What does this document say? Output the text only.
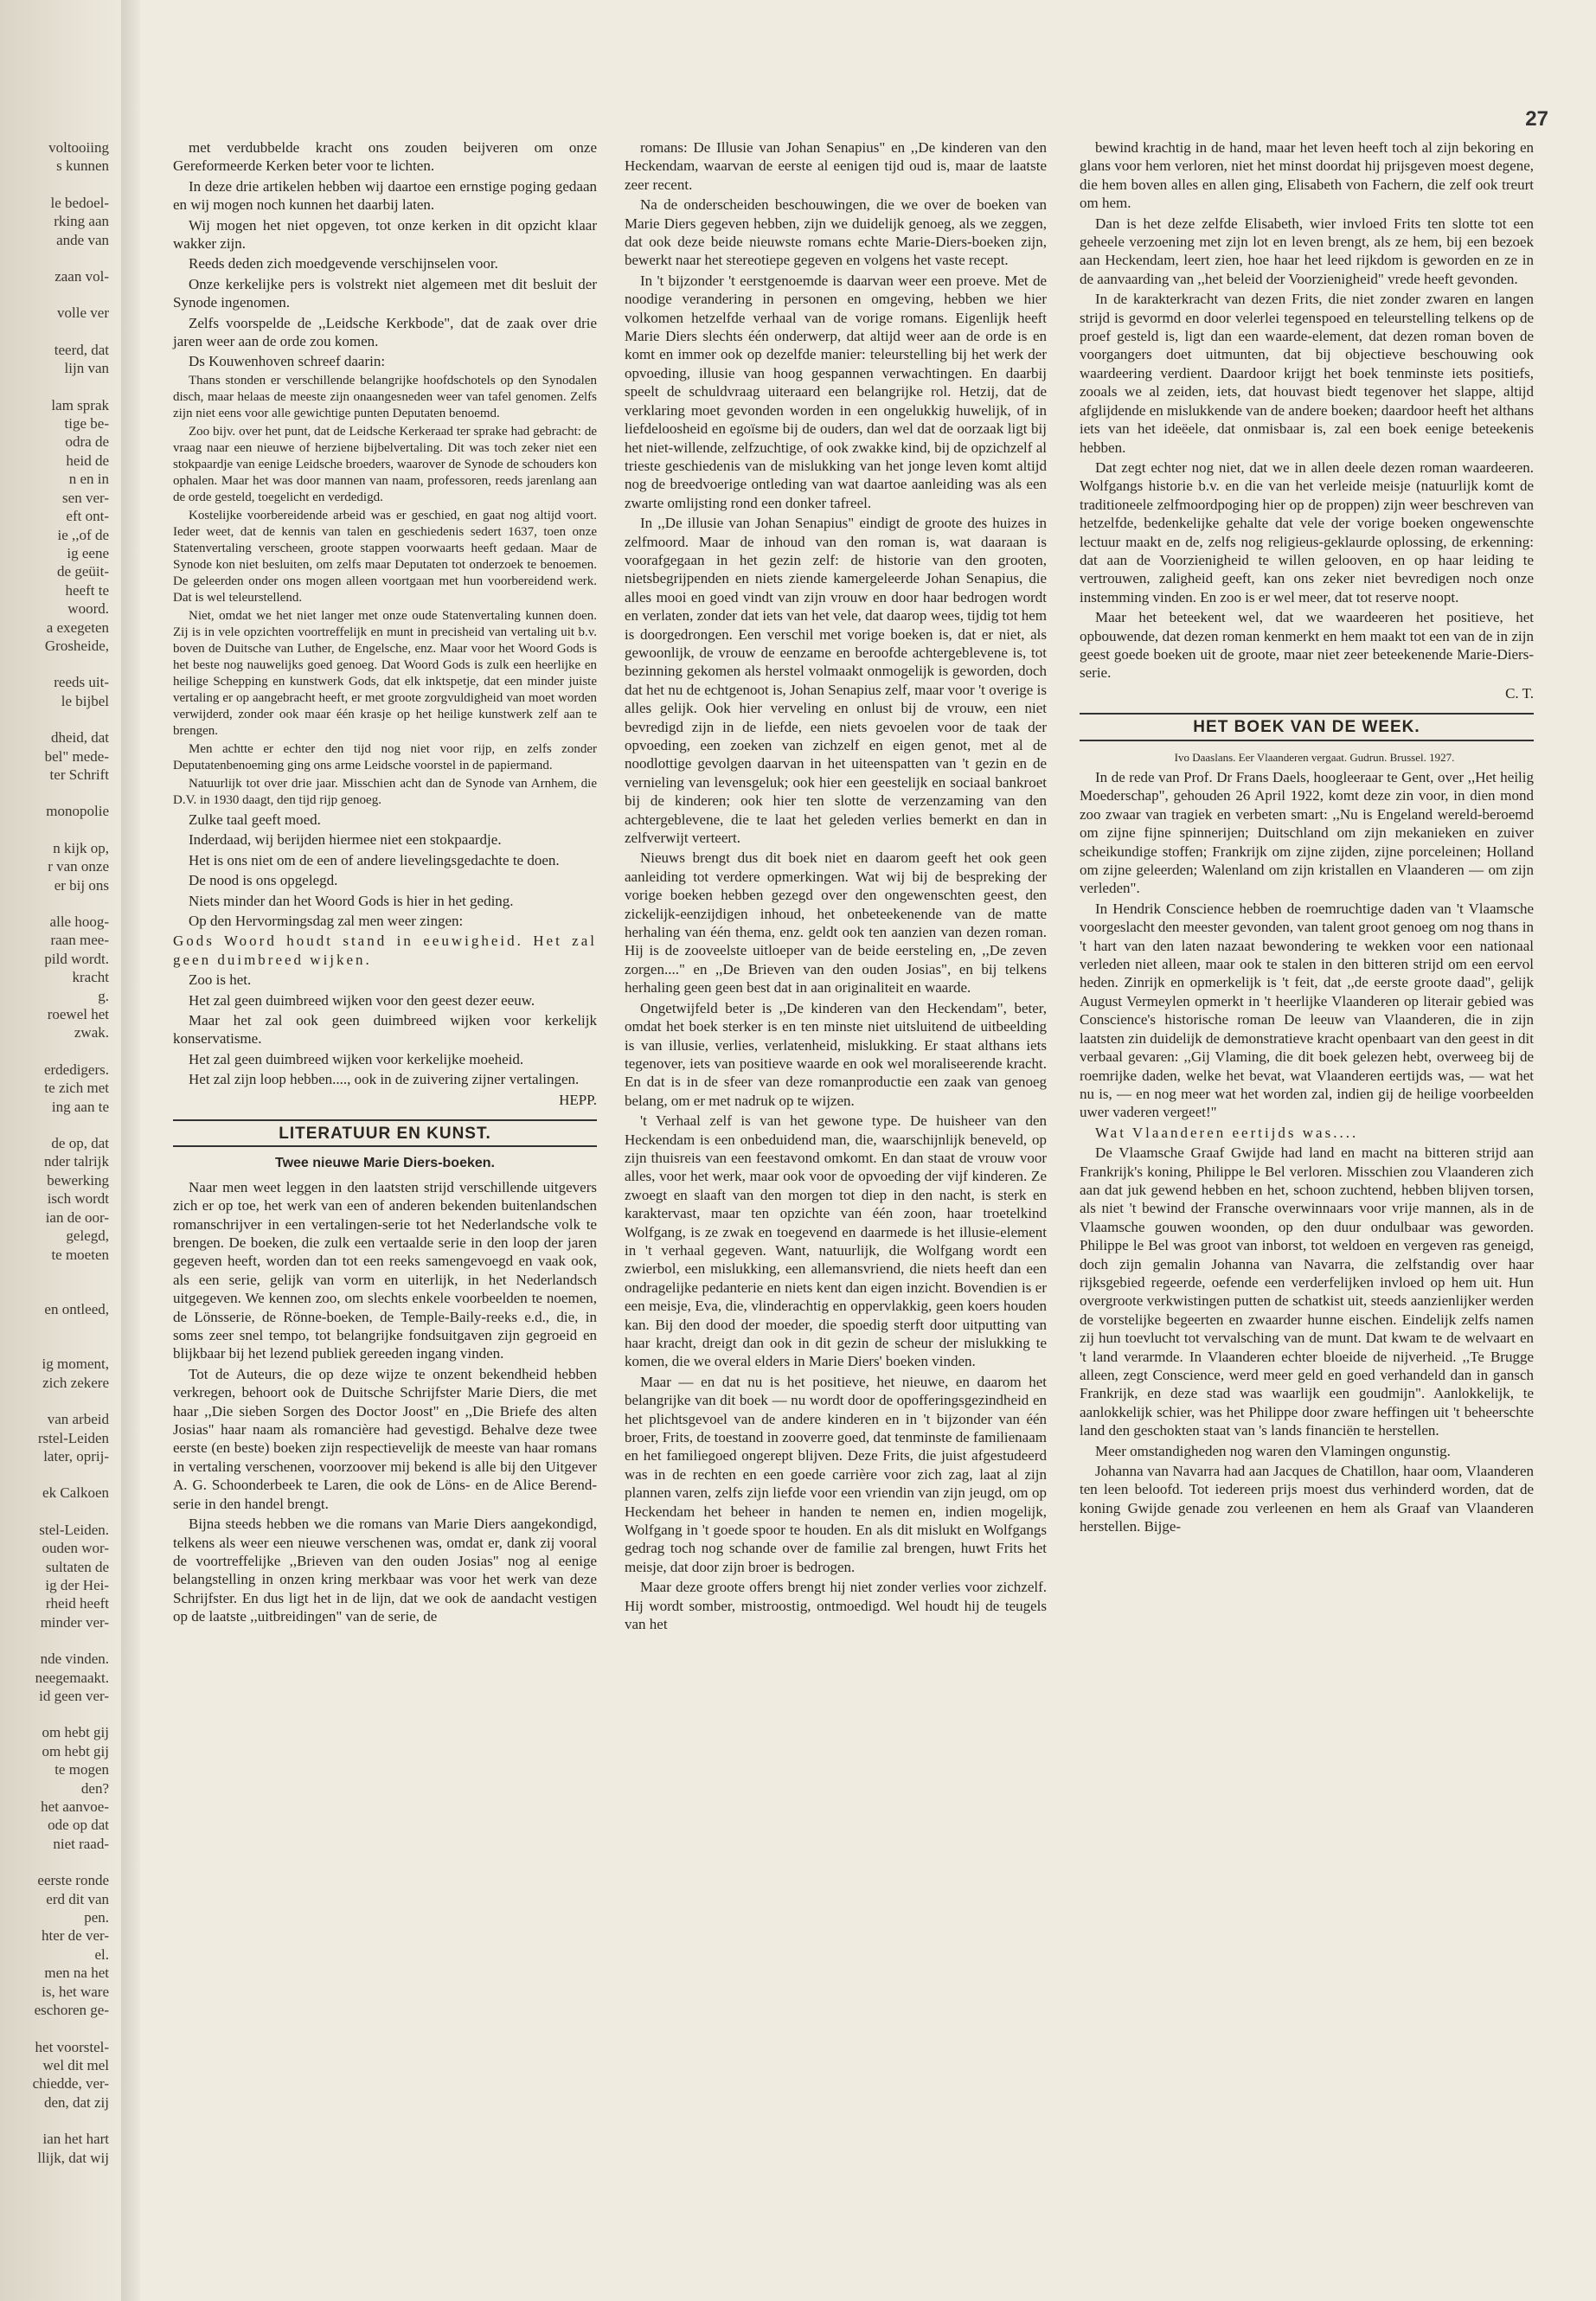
27
voltooiing
s kunnen
le bedoel-
rking aan
ande van
zaan vol-
volle ver
teerd, dat
lijn van
lam sprak
tige be-
odra de
heid de
n en in
sen ver-
eft ont-
ie ,,of de
ig eene
de geüit-
heeft te
woord.
a exegeten
Grosheide,
reeds uit-
le bijbel
dheid, dat
bel" mede-
ter Schrift
monopolie
n kijk op,
r van onze
er bij ons
alle hoog-
raan mee-
pild wordt.
kracht
g.
roewel het
zwak.
erdedigers.
te zich met
ing aan te
de op, dat
nder talrijk
bewerking
isch wordt
ian de oor-
gelegd,
te moeten
en ontleed,
ig moment,
zich zekere
van arbeid
rstel-Leiden
later, oprij-
ek Calkoen
stel-Leiden.
ouden wor-
sultaten de
ig der Hei-
rheid heeft
minder ver-
nde vinden.
neegemaakt.
id geen ver-
om hebt gij
om hebt gij
te mogen
den?
het aanvoe-
ode op dat
niet raad-
eerste ronde
erd dit van
pen.
hter de ver-
el.
men na het
is, het ware
eschoren ge-
het voorstel-
wel dit mel
chiedde, ver-
den, dat zij
ian het hart
llijk, dat wij

met verdubbelde kracht ons zouden beijveren om onze Gereformeerde Kerken beter voor te lichten.

In deze drie artikelen hebben wij daartoe een ernstige poging gedaan en wij mogen noch kunnen het daarbij laten.

Wij mogen het niet opgeven, tot onze kerken in dit opzicht klaar wakker zijn.

Reeds deden zich moedgevende verschijnselen voor.

Onze kerkelijke pers is volstrekt niet algemeen met dit besluit der Synode ingenomen.

Zelfs voorspelde de ,,Leidsche Kerkbode", dat de zaak over drie jaren weer aan de orde zou komen.

Ds Kouwenhoven schreef daarin:

Thans stonden er verschillende belangrijke hoofdschotels op den Synodalen disch, maar helaas de meeste zijn onaangesneden weer van tafel genomen. Zelfs zijn niet eens voor alle gewichtige punten Deputaten benoemd.

Zoo bijv. over het punt, dat de Leidsche Kerkeraad ter sprake had gebracht: de vraag naar een nieuwe of herziene bijbelvertaling. Dit was toch zeker niet een stokpaardje van eenige Leidsche broeders, waarover de Synode de schouders kon ophalen. Maar het was door mannen van naam, professoren, reeds jarenlang aan de orde gesteld, toegelicht en verdedigd.

Kostelijke voorbereidende arbeid was er geschied, en gaat nog altijd voort. Ieder weet, dat de kennis van talen en geschiedenis sedert 1637, toen onze Statenvertaling verscheen, groote stappen voorwaarts heeft gedaan. Maar de Synode kon niet besluiten, om zelfs maar Deputaten tot onderzoek te benoemen. De geleerden onder ons mogen alleen voortgaan met hun voorbereidend werk. Dat is wel teleurstellend.

Niet, omdat we het niet langer met onze oude Statenvertaling kunnen doen. Zij is in vele opzichten voortreffelijk en munt in precisheid van vertaling uit b.v. boven de Duitsche van Luther, de Engelsche, enz. Maar voor het Woord Gods is het beste nog nauwelijks goed genoeg. Dat Woord Gods is zulk een heerlijke en heilige Schepping en kunstwerk Gods, dat elk inktspetje, dat een minder juiste vertaling er op aangebracht heeft, er met groote zorgvuldigheid van moet worden verwijderd, zonder ook maar één krasje op het heilige kunstwerk zelf aan te brengen.

Men achtte er echter den tijd nog niet voor rijp, en zelfs zonder Deputatenbenoeming ging ons arme Leidsche voorstel in de papiermand.

Natuurlijk tot over drie jaar. Misschien acht dan de Synode van Arnhem, die D.V. in 1930 daagt, den tijd rijp genoeg.

Zulke taal geeft moed.

Inderdaad, wij berijden hiermee niet een stokpaardje.

Het is ons niet om de een of andere lievelingsgedachte te doen.

De nood is ons opgelegd.

Niets minder dan het Woord Gods is hier in het geding.

Op den Hervormingsdag zal men weer zingen:

Gods Woord houdt stand in eeuwigheid. Het zal geen duimbreed wijken.

Zoo is het.

Het zal geen duimbreed wijken voor den geest dezer eeuw.

Maar het zal ook geen duimbreed wijken voor kerkelijk konservatisme.

Het zal geen duimbreed wijken voor kerkelijke moeheid.

Het zal zijn loop hebben...., ook in de zuivering zijner vertalingen.

HEPP.

LITERATUUR EN KUNST.
Twee nieuwe Marie Diers-boeken.

Naar men weet leggen in den laatsten strijd verschillende uitgevers zich er op toe, het werk van een of anderen bekenden buitenlandschen romanschrijver in een vertalingen-serie tot het Nederlandsche volk te brengen. De boeken, die zulk een vertaalde serie in den loop der jaren gegeven heeft, worden dan tot een reeks samengevoegd en vaak ook, als een serie, gelijk van vorm en uiterlijk, in het Nederlandsch uitgegeven. We kennen zoo, om slechts enkele voorbeelden te noemen, de Lönsserie, de Rönne-boeken, de Temple-Baily-reeks e.d., die, in soms zeer snel tempo, tot belangrijke fondsuitgaven zijn gegroeid en blijkbaar bij het lezend publiek gereeden ingang vinden.

Tot de Auteurs, die op deze wijze te onzent bekendheid hebben verkregen, behoort ook de Duitsche Schrijfster Marie Diers, die met haar ,,Die sieben Sorgen des Doctor Joost" en ,,Die Briefe des alten Josias" haar naam als romancière had gevestigd. Behalve deze twee eerste (en beste) boeken zijn respectievelijk de meeste van haar romans in vertaling verschenen, voorzoover mij bekend is alle bij den Uitgever A. G. Schoonderbeek te Laren, die ook de Löns- en de Alice Berend-serie in den handel brengt.

Bijna steeds hebben we die romans van Marie Diers aangekondigd, telkens als weer een nieuwe verschenen was, omdat er, dank zij vooral de voortreffelijke ,,Brieven van den ouden Josias" nog al eenige belangstelling in onzen kring merkbaar was voor het werk van deze Schrijfster. En dus ligt het in de lijn, dat we ook de aandacht vestigen op de laatste ,,uitbreidingen" van de serie, de

romans: De Illusie van Johan Senapius" en ,,De kinderen van den Heckendam, waarvan de eerste al eenigen tijd oud is, maar de laatste zeer recent.

Na de onderscheiden beschouwingen, die we over de boeken van Marie Diers gegeven hebben, zijn we duidelijk genoeg, als we zeggen, dat ook deze beide nieuwste romans echte Marie-Diers-boeken zijn, bewerkt naar het stereotiepe gegeven en volgens het vaste recept.

In 't bijzonder 't eerstgenoemde is daarvan weer een proeve. Met de noodige verandering in personen en omgeving, hebben we hier volkomen hetzelfde verhaal van de vorige romans. Eigenlijk heeft Marie Diers slechts één onderwerp, dat altijd weer aan de orde is en komt en immer ook op dezelfde manier: teleurstelling bij het werk der opvoeding, illusie van hoog gespannen verwachtingen. En daarbij speelt de schuldvraag uiteraard een belangrijke rol. Hetzij, dat de verklaring moet gevonden worden in een ongelukkig huwelijk, of in liefdeloosheid en egoïsme bij de ouders, dan wel dat de oorzaak ligt bij het niet-willende, zelfzuchtige, of ook zwakke kind, bij de opzichzelf al trieste geschiedenis van de mislukking van het jonge leven komt altijd nog de breedvoerige ontleding van wat daartoe aanleiding was als een zwarte omlijsting rond een donker tafreel.

In ,,De illusie van Johan Senapius" eindigt de groote des huizes in zelfmoord. Maar de inhoud van den roman is, wat daaraan is voorafgegaan in het gezin zelf: de historie van den grooten, nietsbegrijpenden en niets ziende kamergeleerde Johan Senapius, die alles mooi en goed vindt van zijn vrouw en door haar bedrogen wordt en verlaten, zonder dat iets van het vele, dat daarop wees, tijdig tot hem is doorgedrongen. Een verschil met vorige boeken is, dat er niet, als gewoonlijk, de vrouw de eenzame en beroofde achtergeblevene is, tot bezinning gekomen als herstel volmaakt onmogelijk is geworden, doch dat het nu de echtgenoot is, Johan Senapius zelf, maar voor 't overige is alles gelijk. Ook hier verveling en onlust bij de vrouw, een niet bevredigd zijn in de liefde, een niets gevoelen voor de taak der opvoeding, een zoeken van zichzelf en eigen genot, met al de noodlottige gevolgen daarvan in het uiteenspatten van 't gezin en de vernieling van levensgeluk; ook hier een geestelijk en sociaal bankroet bij de kinderen; ook hier ten slotte de verzenzaming van den achtergeblevene, die te laat het geleden verlies bemerkt en dan in zelfverwijt verteert.

Nieuws brengt dus dit boek niet en daarom geeft het ook geen aanleiding tot verdere opmerkingen. Wat wij bij de bespreking der vorige boeken hebben gezegd over den ongewenschten geest, den zickelijk-eenzijdigen inhoud, het onbeteekenende van de matte herhaling van één thema, enz. geldt ook ten aanzien van dezen roman. Hij is de zooveelste uitloeper van de beide eersteling en, ,,De zeven zorgen...." en ,,De Brieven van den ouden Josias", en bij telkens herhaling geen geen best dat in aan originaliteit en waarde.

Ongetwijfeld beter is ,,De kinderen van den Heckendam", beter, omdat het boek sterker is en ten minste niet uitsluitend de uitbeelding is van illusie, verlies, verlatenheid, mislukking. Er staat althans iets tegenover, iets van positieve waarde en ook wel moraliseerende kracht. En dat is in de sfeer van deze romanproductie een zaak van genoeg belang, om er met nadruk op te wijzen.

't Verhaal zelf is van het gewone type. De huisheer van den Heckendam is een onbeduidend man, die, waarschijnlijk beneveld, op zijn thuisreis van een feestavond omkomt. En dan staat de vrouw voor alles, voor het werk, maar ook voor de opvoeding der vijf kinderen. Ze zwoegt en slaaft van den morgen tot diep in den nacht, is sterk en karaktervast, maar ten opzichte van één zoon, haar troetelkind Wolfgang, is ze zwak en toegevend en daarmede is het illusie-element in 't verhaal gegeven. Want, natuurlijk, die Wolfgang wordt een zwierbol, een mislukking, een allemansvriend, die niets heeft dan een ondragelijke pedanterie en niets kent dan eigen inzicht. Bovendien is er een meisje, Eva, die, vlinderachtig en oppervlakkig, geen koers houden kan. Bij den dood der moeder, die spoedig sterft door uitputting van haar kracht, dreigt dan ook in dit gezin de scheur der mislukking te komen, die we overal elders in Marie Diers' boeken vinden.

Maar — en dat nu is het positieve, het nieuwe, en daarom het belangrijke van dit boek — nu wordt door de opofferingsgezindheid en het plichtsgevoel van de andere kinderen en in 't bijzonder van één broer, Frits, de toestand in zooverre goed, dat tenminste de familienaam en het familiegoed ongerept blijven. Deze Frits, die juist afgestudeerd was in de rechten en een goede carrière voor zich zag, laat al zijn plannen varen, zelfs zijn liefde voor een vriendin van zijn jeugd, om op Heckendam het beheer in handen te nemen en, indien mogelijk, Wolfgang in 't goede spoor te houden. En als dit mislukt en Wolfgangs gedrag toch nog schande over de familie zal brengen, huwt Frits het meisje, dat door zijn broer is bedrogen.

Maar deze groote offers brengt hij niet zonder verlies voor zichzelf. Hij wordt somber, mistroostig, ontmoedigd. Wel houdt hij de teugels van het

bewind krachtig in de hand, maar het leven heeft toch al zijn bekoring en glans voor hem verloren, niet het minst doordat hij prijsgeven moest degene, die hem boven alles en allen ging, Elisabeth von Fachern, die zelf ook treurt om hem.

Dan is het deze zelfde Elisabeth, wier invloed Frits ten slotte tot een geheele verzoening met zijn lot en leven brengt, als ze hem, bij een bezoek aan Heckendam, leert zien, hoe haar het leed rijkdom is geworden en ze in de aanvaarding van ,,het beleid der Voorzienigheid" vrede heeft gevonden.

In de karakterkracht van dezen Frits, die niet zonder zwaren en langen strijd is gevormd en door velerlei tegenspoed en teleurstelling telkens op de proef gesteld is, ligt dan een waarde-element, dat dezen roman boven de voorgangers doet uitmunten, dat bij objectieve beschouwing ook waardeering verdient. Daardoor krijgt het boek tenminste iets positiefs, zooals we al zeiden, iets, dat houvast biedt tegenover het slappe, altijd afglijdende en mislukkende van de andere boeken; daardoor heeft het althans iets van het ideëele, dat onmisbaar is, zal een boek eenige beteekenis hebben.

Dat zegt echter nog niet, dat we in allen deele dezen roman waardeeren. Wolfgangs historie b.v. en die van het verleide meisje (natuurlijk komt de traditioneele zelfmoordpoging hier op de proppen) zijn weer beschreven van hetzelfde, bedenkelijke gehalte dat vele der vorige boeken ongewenschte lectuur maakt en de, zelfs nog religieus-geklaurde oplossing, de erkenning: dat aan de Voorzienigheid te willen gelooven, en op haar leiding te vertrouwen, zaligheid geeft, kan ons zeker niet bevredigen noch onze instemming vinden. En zoo is er wel meer, dat tot reserve noopt.

Maar het beteekent wel, dat we waardeeren het positieve, het opbouwende, dat dezen roman kenmerkt en hem maakt tot een van de in zijn geest goede boeken uit de groote, maar niet zeer beteekenende Marie-Diers-serie.

C. T.

HET BOEK VAN DE WEEK.

Ivo Daaslans. Eer Vlaanderen vergaat. Gudrun. Brussel. 1927.

In de rede van Prof. Dr Frans Daels, hoogleeraar te Gent, over ,,Het heilig Moederschap", gehouden 26 April 1922, komt deze zin voor, in dien mond zoo zwaar van tragiek en verbeten smart: ,,Nu is Engeland wereld-beroemd om zijne fijne spinnerijen; Duitschland om zijn mekanieken en zuiver scheikundige stoffen; Frankrijk om zijne zijden, zijne porceleinen; Holland om zijne geleerden; Walenland om zijn kristallen en Vlaanderen — om zijn verleden".

In Hendrik Conscience hebben de roemruchtige daden van 't Vlaamsche voorgeslacht den meester gevonden, van talent groot genoeg om nog thans in 't hart van den laten nazaat bewondering te wekken voor een nationaal verleden niet alleen, maar ook te stalen in den bitteren strijd om een eervol heden. Zinrijk en opmerkelijk is 't feit, dat ,,de eerste groote daad", gelijk August Vermeylen opmerkt in 't heerlijke Vlaanderen op literair gebied was Conscience's historische roman De leeuw van Vlaanderen, die in zijn laatsten zin duidelijk de demonstratieve kracht openbaart van den geest in dit verbaal gevaren: ,,Gij Vlaming, die dit boek gelezen hebt, overweeg bij de roemrijke daden, welke het bevat, wat Vlaanderen eertijds was, — wat het nu is, — en nog meer wat het worden zal, indien gij de heilige voorbeelden uwer vaderen vergeet!"

Wat Vlaanderen eertijds was....

De Vlaamsche Graaf Gwijde had land en macht na bitteren strijd aan Frankrijk's koning, Philippe le Bel verloren. Misschien zou Vlaanderen zich aan dat juk gewend hebben en het, schoon zuchtend, hebben blijven torsen, als niet 't bewind der Fransche overwinnaars voor vrije mannen, als in de Vlaamsche gouwen woonden, op den duur ondulbaar was geworden. Philippe le Bel was groot van inborst, tot weldoen en vergeven ras geneigd, doch zijn gemalin Johanna van Navarra, die zelfstandig over haar rijksgebied regeerde, oefende een verderfelijken invloed op hem uit. Hun overgroote verkwistingen putten de schatkist uit, steeds aanzienlijker werden de vorstelijke begeerten en zwaarder hunne eischen. Eindelijk zelfs namen zij hun toevlucht tot vervalsching van de munt. Dat kwam te de welvaart en 't land verarmde. In Vlaanderen echter bloeide de nijverheid. ,,Te Brugge alleen, zegt Conscience, werd meer geld en goed verhandeld dan in gansch Frankrijk, en deze stad was waarlijk een goudmijn". Aanlokkelijk, te aanlokkelijk schier, was het Philippe door zware heffingen uit 't beheerschte land den geschokten staat van 's lands financiën te herstellen.

Meer omstandigheden nog waren den Vlamingen ongunstig.

Johanna van Navarra had aan Jacques de Chatillon, haar oom, Vlaanderen ten leen beloofd. Tot iedereen prijs moest dus verhinderd worden, dat de koning Gwijde genade zou verleenen en hem als Graaf van Vlaanderen herstellen. Bijge-
